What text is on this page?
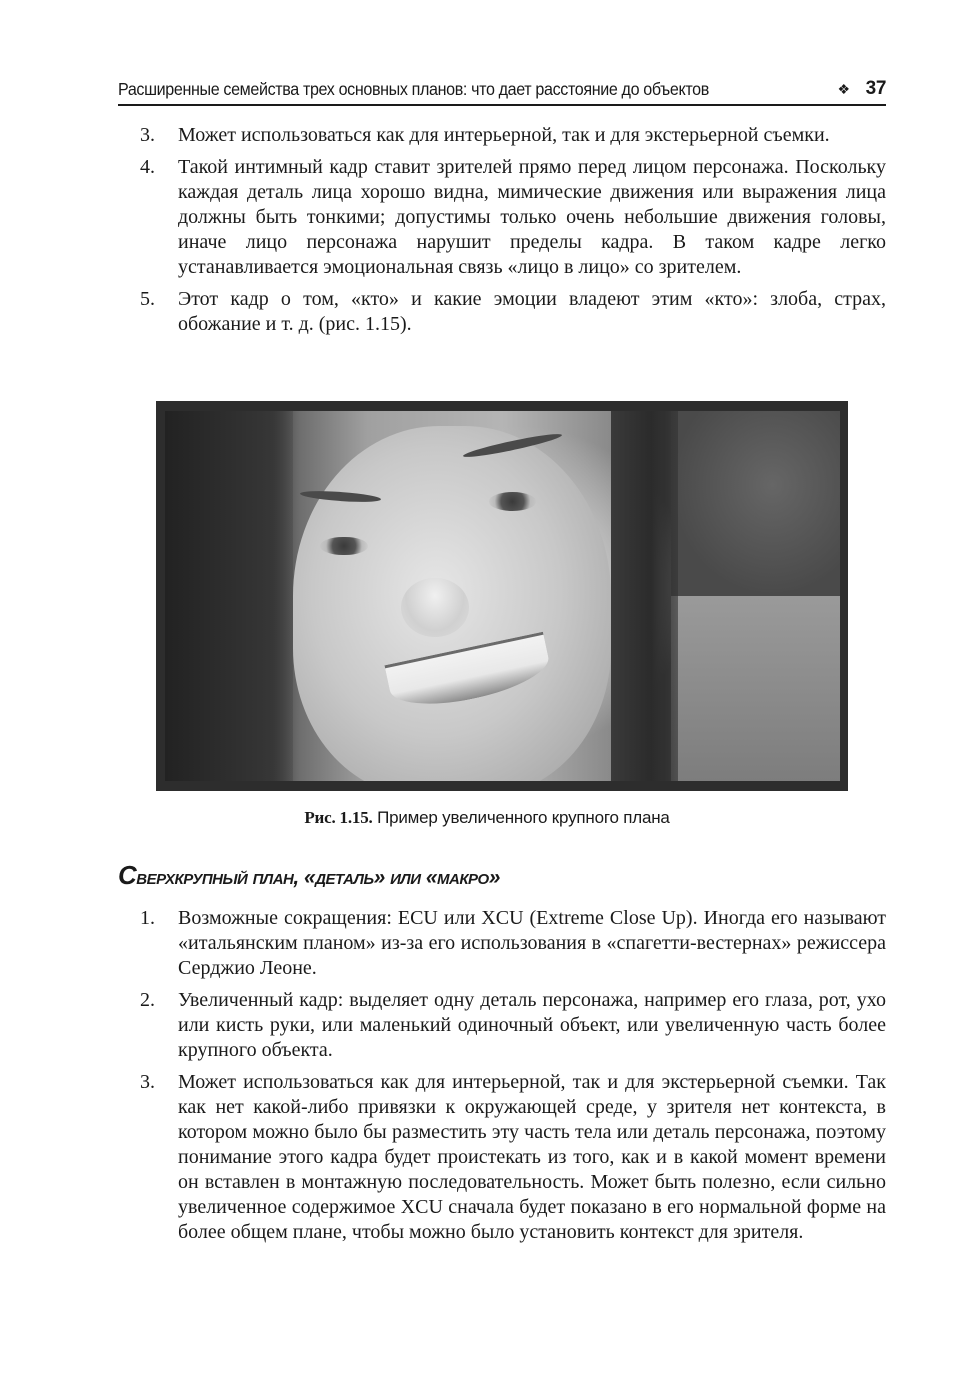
Расширенные семейства трех основных планов: что дает расстояние до объектов	❖ 37
3. Может использоваться как для интерьерной, так и для экстерьерной съемки.
4. Такой интимный кадр ставит зрителей прямо перед лицом персонажа. Поскольку каждая деталь лица хорошо видна, мимические движения или выражения лица должны быть тонкими; допустимы только очень небольшие движения головы, иначе лицо персонажа нарушит пределы кадра. В таком кадре легко устанавливается эмоциональная связь «лицо в лицо» со зрителем.
5. Этот кадр о том, «кто» и какие эмоции владеют этим «кто»: злоба, страх, обожание и т. д. (рис. 1.15).
Рис. 1.15. Пример увеличенного крупного плана
Сверхкрупный план, «деталь» или «макро»
1. Возможные сокращения: ECU или XCU (Extreme Close Up). Иногда его называют «итальянским планом» из-за его использования в «спагетти-вестернах» режиссера Серджио Леоне.
2. Увеличенный кадр: выделяет одну деталь персонажа, например его глаза, рот, ухо или кисть руки, или маленький одиночный объект, или увеличенную часть более крупного объекта.
3. Может использоваться как для интерьерной, так и для экстерьерной съемки. Так как нет какой-либо привязки к окружающей среде, у зрителя нет контекста, в котором можно было бы разместить эту часть тела или деталь персонажа, поэтому понимание этого кадра будет проистекать из того, как и в какой момент времени он вставлен в монтажную последовательность. Может быть полезно, если сильно увеличенное содержимое XCU сначала будет показано в его нормальной форме на более общем плане, чтобы можно было установить контекст для зрителя.
